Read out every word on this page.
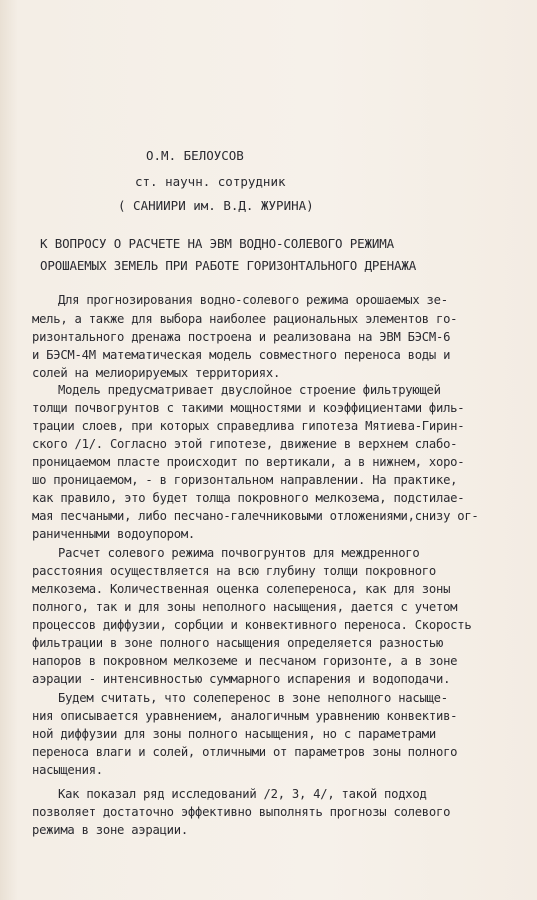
О.М. БЕЛОУСОВ
ст. научн. сотрудник
( САНИИРИ им. В.Д. ЖУРИНА)
К ВОПРОСУ О РАСЧЕТЕ НА ЭВМ ВОДНО-СОЛЕВОГО РЕЖИМА
ОРОШАЕМЫХ ЗЕМЕЛЬ ПРИ РАБОТЕ ГОРИЗОНТАЛЬНОГО ДРЕНАЖА
Для прогнозирования водно-солевого режима орошаемых зе-
мель, а также для выбора наиболее рациональных элементов го-
ризонтального дренажа построена и реализована на ЭВМ БЭСМ-6
и БЭСМ-4М математическая модель совместного переноса воды и
солей на мелиорируемых территориях.
Модель предусматривает двуслойное строение фильтрующей
толщи почвогрунтов с такими мощностями и коэффициентами филь-
трации слоев, при которых справедлива гипотеза Мятиева-Гирин-
ского /1/. Согласно этой гипотезе, движение в верхнем слабо-
проницаемом пласте происходит по вертикали, а в нижнем, хоро-
шо проницаемом, - в горизонтальном направлении. На практике,
как правило, это будет толща покровного мелкозема, подстилае-
мая песчаными, либо песчано-галечниковыми отложениями,снизу ог-
раниченными водоупором.
Расчет солевого режима почвогрунтов для междренного
расстояния осуществляется на всю глубину толщи покровного
мелкозема. Количественная оценка солепереноса, как для зоны
полного, так и для зоны неполного насыщения, дается с учетом
процессов диффузии, сорбции и конвективного переноса. Скорость
фильтрации в зоне полного насыщения определяется разностью
напоров в покровном мелкоземе и песчаном горизонте, а в зоне
аэрации - интенсивностью суммарного испарения и водоподачи.
Будем считать, что солеперенос в зоне неполного насыще-
ния описывается уравнением, аналогичным уравнению конвектив-
ной диффузии для зоны полного насыщения, но с параметрами
переноса влаги и солей, отличными от параметров зоны полного
насыщения.
Как показал ряд исследований /2, 3, 4/, такой подход
позволяет достаточно эффективно выполнять прогнозы солевого
режима в зоне аэрации.
